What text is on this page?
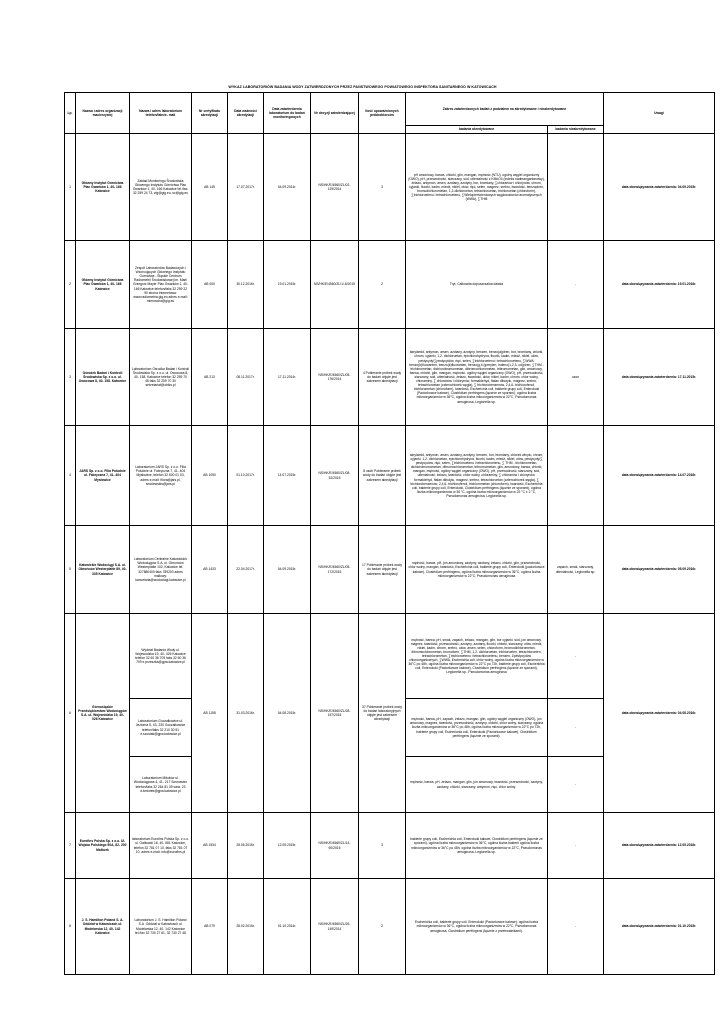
WYKAZ LABORATORIÓW BADANIA WODY ZATWIERDZONYCH PRZEZ PAŃSTWOWEGO POWIATOWEGO INSPEKTORA SANITARNEGO W KATOWICACH
Lp.	Nazwa i adres organizacji macierzystej	Nazwa i adres laboratorium telefon/faks/e- mail	Nr certyfikatu akredytacji	Data ważności akredytacji	Data zatwierdzenia laboratorium do badań monitoringowych	Nr decyzji zatwierdzającej	Ilość upoważnionych próbkobiorców	Zakres zatwierdzonych badań z podziałem na akredytowane i nieakredytowane		Uwagi
								badania akredytowane	badania nieakredytowane	
1	Główny Instytut Górnictwa Plac Gwarków 1, 40- 166 Katowice	Zakład Monitoringu Środowiska Głównego Instytutu Górnictwa Plac Gwarków 1, 40- 166 Katowice tel./fax: 32 259 24 73, zlg@gig.eu, sc@gig.eu	AB 145	17.07.2017r.	04.09.2014r.	NS/HK/E/4560/ZL/02-129/2014	3	pH amoniowy, barwa, chlorki, glin, mangan, mętność (NTU), ogólny węgiel organiczny (OWO), pH, przewodność, siarczany, sód, utlenialność z KMnO4 (indeks nadmanganianowy), żelazo, antymon, arsen, azotany, azotyny, bor, bromiany, ∑chlorańów i chlorynów, chrom, cyjanki, fluorki, kadm, miedź, nikiel, ołów, rtęć, selen, magnez, srebro, twardość, benzopiren, bromodichlorometan, 1,2-dichloroetan, tetrachloroetan, trichloroetan (chloroform), ∑trichloroetenu i tetrachloroetenu, ∑Wielopierścieniowych węglowodorów aromatycznych (WWA), ∑THM		data obowiązywania zatwierdzenia: 04.09.2015r.
2	Główny Instytut Górnictwa Plac Gwarków 1, 40- 166 Katowice	Zespół Laboratoriów Badawczych i Wzorcujących Głównego Instytutu Górnictwa - Śląskie Centrum Radiometrii Środowiskowej im. Marii Grzegorz Mayer Plac Gwarków 1, 40- 166 Katowice telefon/faks 32 259 22 90 strona internetowa: www.radiometria.gig.eu adres e-mail: mieroscha@gig.eu	AB 000	30.12.2016r.	19.01.2015r.	NS/HK/E/4560/ZL/1/-6/2015	2	Tryt, Całkowita dopuszczalna dawka	-	data obowiązywania zatwierdzenia: 19.01.2016r.
3	Ośrodek Badań i Kontroli Środowiska Sp. z o.o. ul. Owocowa 8, 40- 158. Katowice	Laboratorium Ośrodka Badań i Kontroli Środowiska Sp. z o.o. ul. Owocowa 8, 40- 158. Katowice telefon 32 259 70 46 faks 32 259 70 30 sekretariat@obiks.pl	AB 213	08.11.2017r.	17.11.2014r.	NS/HK/E/4560/ZL/05-176/2014	4 Pobieranie próbek wody do badań objęte jest zakresem akredytacji	akrylamid, antymon, arsen, azotany, azotyny, benzen, benzo(a)piren, bor, bromiany, chlorki, chrom, cyjanki, 1,2- dichloroetan, epichlorohydryna, fluorki, kadm, miedź, nikiel, ołów, pestycydy/∑pestycydów, rtęć, selen, ∑trichloroetenu i tetrachloroetenu, ∑WWA: benzo(b)fluoranten, benzo(k)fluoranten, benzo(g,h,i)perylen, indeno(1,2,3- cd)piren; ∑THM - trichlorometan, dichlorobromometan, dibromochlorometan, tribromometan, glin, amoniowy, barwa, chlorki, glin, mangan, mętność, ogólny węgiel organiczny (OWO), pH, przewodność, siarczany, sód, utlenialność, żelazo, twardość, ołów, nikiel, kadm, chrom, chlor wolny, chloraminy, ∑ chlorańów i chlorynów, formaldehyd, ftalan dibutylu, magnez, srebro, tetrachloroetan (czterochlorek węgla), ∑ trichlorobenzenów, 2,4,6- trichlorofenol, trichlorometan (chloroform), twardość, Escherichia coli, bakterie grupy coli, Enterokoki (Paciorkowce kałowe), Clostridium perfringens (łącznie ze sporami), ogólna liczba mikroorganizmów w 36°C, ogólna liczba mikroorganizmów w 22°C, Pseudomonas aeruginosa, Legionella sp.	ozon	data obowiązywania zatwierdzenia: 17.11.2015r.
4	JARS Sp. z o.o. Filia Południe ul. Fabryczna 7, 41- 404 Mysłowice	Laboratorium JARS Sp. z o.o. Filia Południe ul. Fabryczna 7, 41- 404 Mysłowice, telefon 32 600 01 03, adres e-mail: lfiora@jars.pl, smolewskis@jars.pl	AB 1090	01.10.2017r.	14.07.2015r.	NS/HK/E/4560/ZL/08-32/2015	8 osób Pobieranie próbek wody do badań objęte jest zakresem akredytacji	akrylamid, antymon, arsen, azotany, azotyny, benzen, bor, bromiany, chlorek winylu, chrom, cyjanki, 1,2- dichloroetan, epichlorohydryna, fluorki, kadm, miedź, nikiel, ołów, pestycydy/∑ pestycydów, rtęć, selen, ∑trichloroetenu i tetrachloroetenu, ∑ THM - trichlorometan, dichlorobromometan, dibromochlorometan, tribromometan, glin, amoniowy, barwa, chlorki, mangan, mętność, ogólny węgiel organiczny (OWO), pH, przewodność, siarczany, sód, utlenialność, żelazo, twardość, chlor wolny, chloraminy, ∑ chlorańów i chlorynów, formaldehyd, ftalan dibutylu, magnez, srebro, tetrachloroetan (czterochlorek węgla), ∑ trichlorobenzenów, 2,4,6- trichlorofenol, trichlorometan (chloroform), twardość, Escherichia coli, bakterie grupy coli, Enterokoki, Clostridium perfringens (łącznie ze sporami), ogólna liczba mikroorganizmów w 36 °C, ogólna liczba mikroorganizmów w 22 °C ± 2 °C, Pseudomonas aeruginosa, Legionella sp.		data obowiązywania zatwierdzenia: 14.07.2016r.
5	Katowickie Wodociągi S.A. ul. Obrońców Westerplatte 89, 40- 335 Katowice	Laboratorium Centralne Katowickich Wodociągów S.A. ul. Obrońców Westerplatte 102, Katowice tel. 327880400 faks 789200 adres mailowy: kancelaria@wodociagi.katowice.pl	AB 1433	22.04.2017r.	04.09.2015r.	NS/HK/E/4560/ZL/05-172/2015	17 Pobieranie próbek wody do badań objęte jest zakresem akredytacji	mętność, barwa, pH, jon amoniowy, azotyny, azotany, żelazo, chlorki, glin, przewodność, chlor wolny, mangan, twardość, Escherichia coli, bakterie grupy coli, Enterokoki (paciorkowce kałowe), Clostridium perfringens, ogólna liczba mikroorganizmów w 36°C, ogólna liczba mikroorganizmów w 22°C, Pseudomonas aeruginosa	zapach, smak, siarczany, utlenialność, Legionella sp.	data obowiązywania zatwierdzenia: 05.09.2016r.
6	Górnośląskie Przedsiębiorstwo Wodociągów S.A. ul. Wojewódzka 19, 40- 026 Katowice	Wydział Badania Wody ul. Wojewódzka 19, 40- 026 Katowice telefon 32 60 36 709 faks 32 60 36 709 e.przeszka@gpw.katowice.pl	AB 1158	31.03.2016r.	04.08.2015r.	NS/HK/E/4560/ZL/28-157/2015	37 Pobieranie próbek wody do badań laboratoryjnych objęte jest zakresem akredytacji	mętność, barwa, pH, smak, zapach, żelazo, mangan, glin, bor cyjanki, sód, jon amonowy, magnez, twardość, przewodność, azotyny, azotany, fluorki, chlorki, siarczany, ołów, miedź, nikiel, kadm, chrom, srebro, ołów, arsen, selen, chloroform, bromodichlorometan, dibromochlorometan, bromoform, ∑THM, 1,2- dichloroetan, trichloroeten, tetrachloroeten, tetrachlorometan, ∑trichloroetenu i tetrachloroetenu, benzen, Zpestycydów chloroorganicznych, ∑WWA, Escherichia coli, chlor wolny, ogólna liczba mikroorganizmów w 36°C po 48h, ogólna liczba mikroorganizmów w 22°C po 72h, bakterie grupy coli, Escherichia coli, Enterokoki (Paciorkowce kałowe), Clostridium perfringens (łącznie ze sporami), Legionella sp., Pseudomonas aeruginosa	-	data obowiązywania zatwierdzenia: 04.08.2016r.
		Laboratorium Goczałkowice ul. Jeziorna 5, 43- 230 Goczałkowice telefon/faks 32 210 30 51 e.szostak@gpw.katowice.pl						mętność, barwa, pH, zapach, żelazo, mangan, glin, ogólny węgiel organiczny (OWO), jon amonowy, magnez, twardość, przewodność, azotyny, chlorki, chlor wolny, siarczany, ogólna liczba mikroorganizmów w 36°C po 48h, ogólna liczba mikroorganizmów w 22°C po 72h, bakterie grupy coli, Escherichia coli, Enterokoki (Paciorkowce kałowe), Clostridium perfringens (łącznie ze sporami).	-	
		Laboratorium Mikołów ul. Wodociągowa 4, 41- 217 Sosnowiec telefon/faks 32 264 81 39 wew. 23 d.kmiotek@gpw.katowice.pl						mętność, barwa, pH, żelazo, mangan, glin, jon amonowy, twardość, przewodność, azotyny, azotany, chlorki, siarczany, antymon, rtęć, chlor wolny.	-	
7	Eurofins Polska Sp. z o.o. Ul. Wojska Polskiego 90A, 82- 200 Malbork	laboratorium Eurofins Polska Sp. z o.o. ul. Gatkowki 16, 40- 581 Katowice, telefon 32 781 07 10, faks 32 781 07 10, adres e-mail: info@eurofins.pl	AB 1534	28.05.2016r.	12.05.2015r.	NS/HK/E/4560/ZL/14-90/2015	3	bakterie grupy coli, Escherichia coli, Enterokoki kałowe, Clostridium perfringens (łącznie ze sporami), ogólna liczba mikroorganizmów w 36°C, ogólna liczba bakterii ogólna liczba mikroorganizmów w 36°C po 48h, ogólna liczba mikroorganizmów w 22°C, Pseudomonas aeruginosa, Legionella sp.	-	data obowiązywania zatwierdzenia: 12.05.2016r.
8	J. S. Hamilton Poland S. A. Oddział w Katowicach ul. Modelarska 12, 40- 142 Katowice	Laboratorium J. S. Hamilton Poland S.A. Oddział w Katowicach ul. Modelarska 12, 40- 142 Katowice tel./fax 32 730 27 61, 32 730 27 48	AB 079	28.02.2015r.	01.10.2014r.	NS/HK/E/4560/ZL/26-149/2014	2	Escherichia coli, bakterie grupy coli, Enterokoki (Paciorkowce kałowe), ogólna liczba mikroorganizmów w 36°C, ogólna liczba mikroorganizmów w 22°C, Pseudomonas aeruginosa, Clostridium perfringens (łącznie z przetrwalnikami).	-	data obowiązywania zatwierdzenia: 01.10.2015r.
